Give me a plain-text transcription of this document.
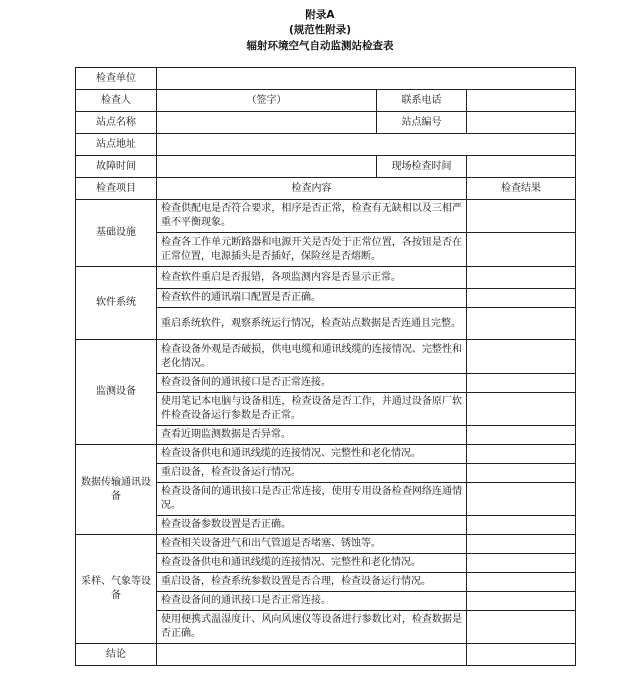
附录A
(规范性附录)
辐射环境空气自动监测站检查表
检查单位			
检查人	（签字）	联系电话	
站点名称		站点编号	
站点地址			
故障时间		现场检查时间	
检查项目	检查内容		检查结果
基础设施	检查供配电是否符合要求，相序是否正常，检查有无缺相以及三相严重不平衡现象。		
	检查各工作单元断路器和电源开关是否处于正常位置，各按钮是否在正常位置，电源插头是否插好，保险丝是否熔断。		
软件系统	检查软件重启是否报错，各项监测内容是否显示正常。		
	检查软件的通讯端口配置是否正确。		
	重启系统软件，观察系统运行情况，检查站点数据是否连通且完整。		
监测设备	检查设备外观是否破损，供电电缆和通讯线缆的连接情况、完整性和老化情况。		
	检查设备间的通讯接口是否正常连接。		
	使用笔记本电脑与设备相连，检查设备是否工作，并通过设备原厂软件检查设备运行参数是否正常。		
	查看近期监测数据是否异常。		
数据传输通讯设备	检查设备供电和通讯线缆的连接情况、完整性和老化情况。		
	重启设备，检查设备运行情况。		
	检查设备间的通讯接口是否正常连接，使用专用设备检查网络连通情况。		
	检查设备参数设置是否正确。		
采样、气象等设备	检查相关设备进气和出气管道是否堵塞、锈蚀等。		
	检查设备供电和通讯线缆的连接情况、完整性和老化情况。		
	重启设备，检查系统参数设置是否合理，检查设备运行情况。		
	检查设备间的通讯接口是否正常连接。		
	使用便携式温湿度计、风向风速仪等设备进行参数比对，检查数据是否正确。		
结论			
